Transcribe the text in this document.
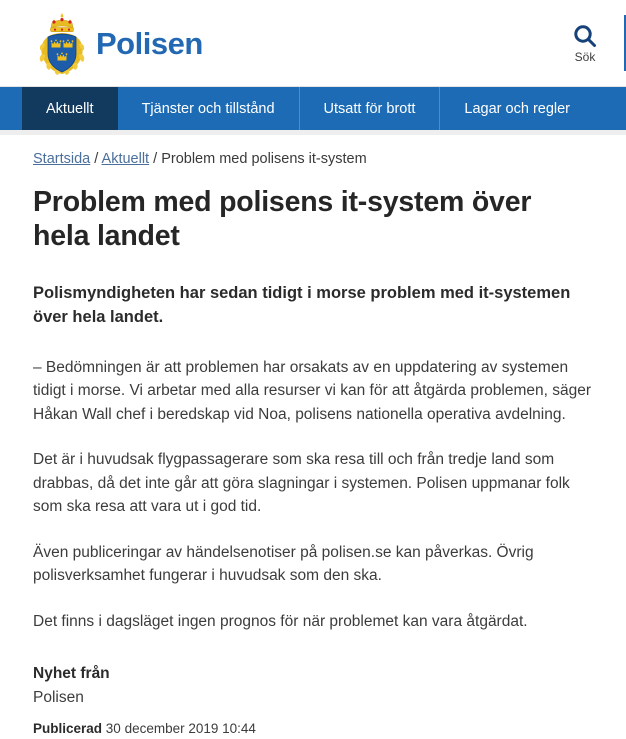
Polisen	Sök
Aktuellt	Tjänster och tillstånd	Utsatt för brott	Lagar och regler
Startsida / Aktuellt / Problem med polisens it-system
Problem med polisens it-system över hela landet

Polismyndigheten har sedan tidigt i morse problem med it-systemen över hela landet.

– Bedömningen är att problemen har orsakats av en uppdatering av systemen tidigt i morse. Vi arbetar med alla resurser vi kan för att åtgärda problemen, säger Håkan Wall chef i beredskap vid Noa, polisens nationella operativa avdelning.

Det är i huvudsak flygpassagerare som ska resa till och från tredje land som drabbas, då det inte går att göra slagningar i systemen. Polisen uppmanar folk som ska resa att vara ut i god tid.

Även publiceringar av händelsenotiser på polisen.se kan påverkas. Övrig polisverksamhet fungerar i huvudsak som den ska.

Det finns i dagsläget ingen prognos för när problemet kan vara åtgärdat.

Nyhet från
Polisen
Publicerad 30 december 2019 10:44
